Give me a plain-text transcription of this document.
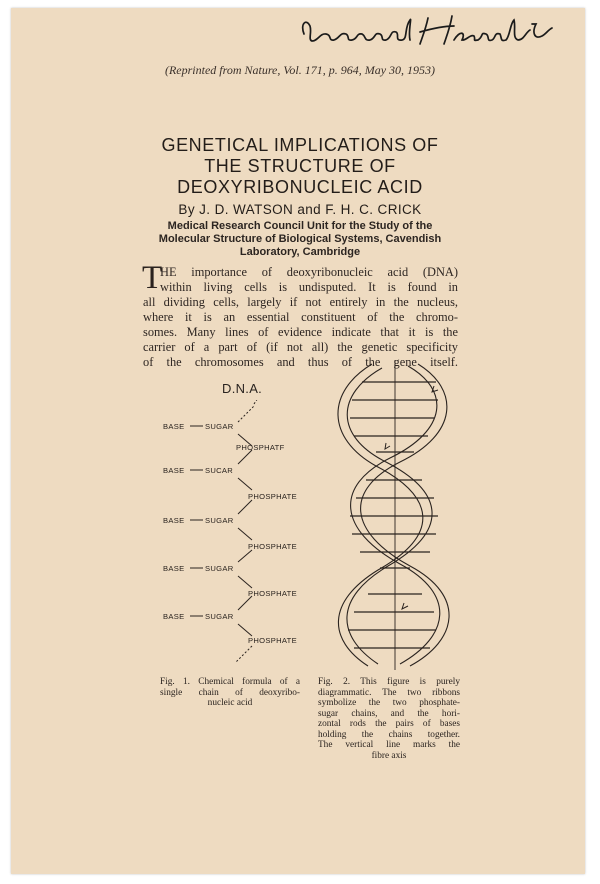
(Reprinted from Nature, Vol. 171, p. 964, May 30, 1953)
GENETICAL IMPLICATIONS OF
THE STRUCTURE OF
DEOXYRIBONUCLEIC ACID
By J. D. WATSON and F. H. C. CRICK
Medical Research Council Unit for the Study of the
Molecular Structure of Biological Systems, Cavendish
Laboratory, Cambridge
T
HE importance of deoxyribonucleic acid (DNA)
within living cells is undisputed. It is found in
all dividing cells, largely if not entirely in the nucleus,
where it is an essential constituent of the chromo-
somes. Many lines of evidence indicate that it is the
carrier of a part of (if not all) the genetic specificity
of the chromosomes and thus of the gene itself.
D.N.A.
BASE	SUGAR
PHOSPHATF
BASE	SUCAR
PHOSPHATE
BASE	SUGAR
PHOSPHATE
BASE	SUGAR
PHOSPHATE
BASE	SUGAR
PHOSPHATE
Fig. 1. Chemical formula of a
single chain of deoxyribo-
nucleic acid
Fig. 2. This figure is purely
diagrammatic. The two ribbons
symbolize the two phosphate-
sugar chains, and the hori-
zontal rods the pairs of bases
holding the chains together.
The vertical line marks the
fibre axis
